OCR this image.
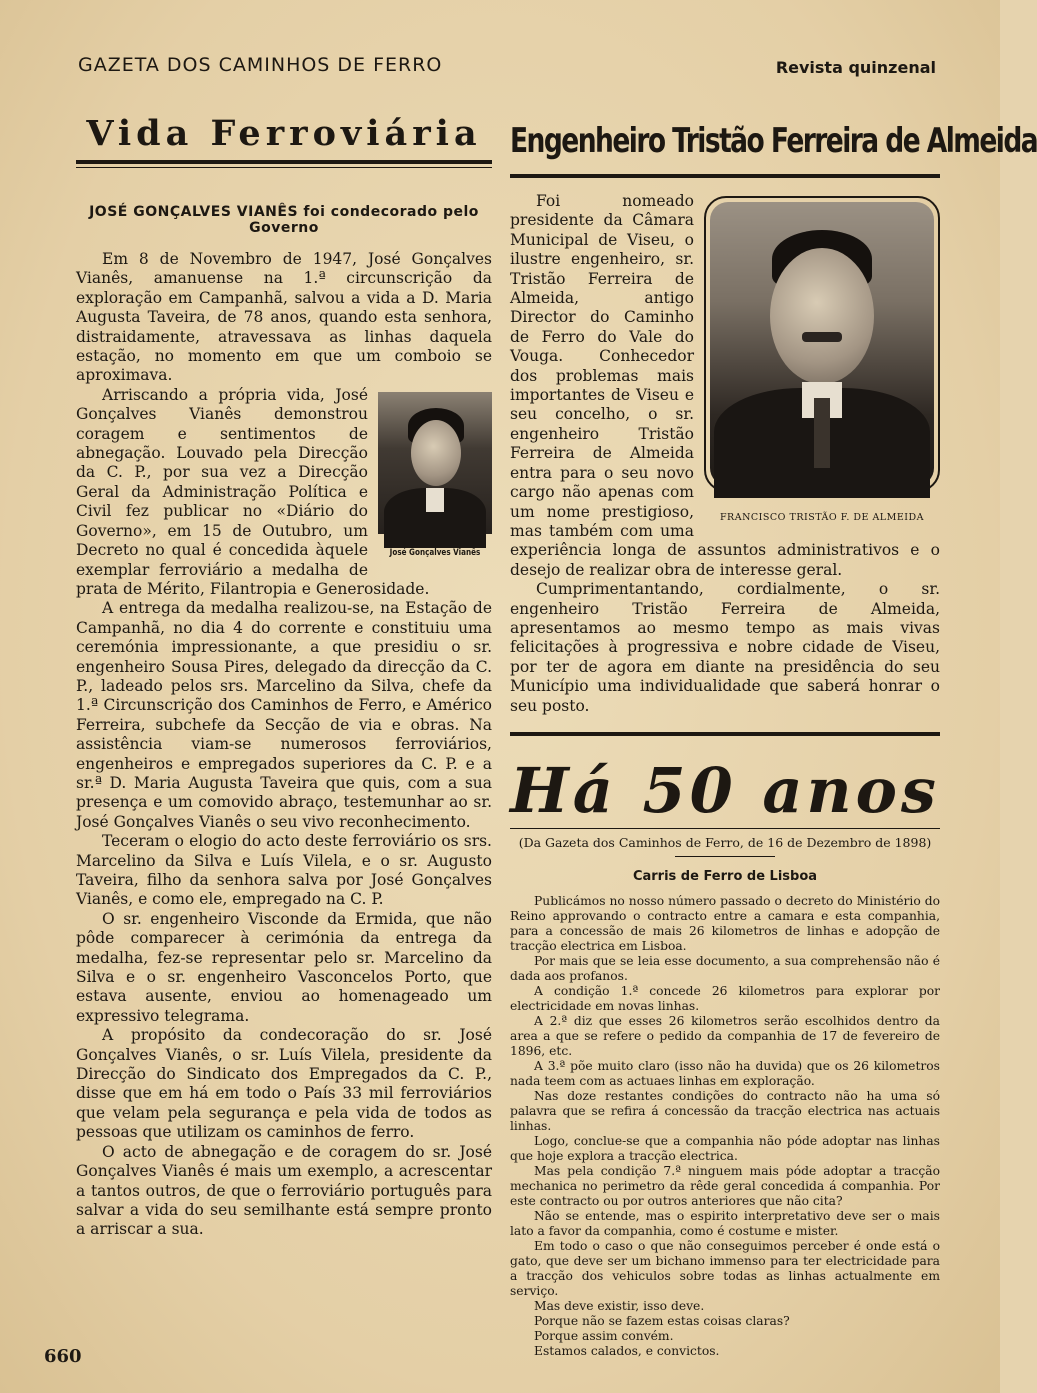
GAZETA DOS CAMINHOS DE FERRO	Revista quinzenal
Vida Ferroviária
JOSÉ GONÇALVES VIANÊS foi condecorado pelo Governo

Em 8 de Novembro de 1947, José Gonçalves Vianês, amanuense na 1.ª circunscrição da exploração em Campanhã, salvou a vida a D. Maria Augusta Taveira, de 78 anos, quando esta senhora, distraidamente, atravessava as linhas daquela estação, no momento em que um comboio se aproximava.

José Gonçalves Vianês

Arriscando a própria vida, José Gonçalves Vianês demonstrou coragem e sentimentos de abnegação. Louvado pela Direcção da C. P., por sua vez a Direcção Geral da Administração Política e Civil fez publicar no «Diário do Governo», em 15 de Outubro, um Decreto no qual é concedida àquele exemplar ferroviário a medalha de prata de Mérito, Filantropia e Generosidade.

A entrega da medalha realizou-se, na Estação de Campanhã, no dia 4 do corrente e constituiu uma ceremónia impressionante, a que presidiu o sr. engenheiro Sousa Pires, delegado da direcção da C. P., ladeado pelos srs. Marcelino da Silva, chefe da 1.ª Circunscrição dos Caminhos de Ferro, e Américo Ferreira, subchefe da Secção de via e obras. Na assistência viam-se numerosos ferroviários, engenheiros e empregados superiores da C. P. e a sr.ª D. Maria Augusta Taveira que quis, com a sua presença e um comovido abraço, testemunhar ao sr. José Gonçalves Vianês o seu vivo reconhecimento.

Teceram o elogio do acto deste ferroviário os srs. Marcelino da Silva e Luís Vilela, e o sr. Augusto Taveira, filho da senhora salva por José Gonçalves Vianês, e como ele, empregado na C. P.

O sr. engenheiro Visconde da Ermida, que não pôde comparecer à cerimónia da entrega da medalha, fez-se representar pelo sr. Marcelino da Silva e o sr. engenheiro Vasconcelos Porto, que estava ausente, enviou ao homenageado um expressivo telegrama.

A propósito da condecoração do sr. José Gonçalves Vianês, o sr. Luís Vilela, presidente da Direcção do Sindicato dos Empregados da C. P., disse que em há em todo o País 33 mil ferroviários que velam pela segurança e pela vida de todos as pessoas que utilizam os caminhos de ferro.

O acto de abnegação e de coragem do sr. José Gonçalves Vianês é mais um exemplo, a acrescentar a tantos outros, de que o ferroviário português para salvar a vida do seu semilhante está sempre pronto a arriscar a sua.

Engenheiro Tristão Ferreira de Almeida
FRANCISCO TRISTÃO F. DE ALMEIDA

Foi nomeado presidente da Câmara Municipal de Viseu, o ilustre engenheiro, sr. Tristão Ferreira de Almeida, antigo Director do Caminho de Ferro do Vale do Vouga. Conhecedor dos problemas mais importantes de Viseu e seu concelho, o sr. engenheiro Tristão Ferreira de Almeida entra para o seu novo cargo não apenas com um nome prestigioso, mas também com uma experiência longa de assuntos administrativos e o desejo de realizar obra de interesse geral.

Cumprimentantando, cordialmente, o sr. engenheiro Tristão Ferreira de Almeida, apresentamos ao mesmo tempo as mais vivas felicitações à progressiva e nobre cidade de Viseu, por ter de agora em diante na presidência do seu Município uma individualidade que saberá honrar o seu posto.

Há 50 anos
(Da Gazeta dos Caminhos de Ferro, de 16 de Dezembro de 1898)
Carris de Ferro de Lisboa

Publicámos no nosso número passado o decreto do Ministério do Reino approvando o contracto entre a camara e esta companhia, para a concessão de mais 26 kilometros de linhas e adopção de tracção electrica em Lisboa.

Por mais que se leia esse documento, a sua comprehensão não é dada aos profanos.

A condição 1.ª concede 26 kilometros para explorar por electricidade em novas linhas.

A 2.ª diz que esses 26 kilometros serão escolhidos dentro da area a que se refere o pedido da companhia de 17 de fevereiro de 1896, etc.

A 3.ª põe muito claro (isso não ha duvida) que os 26 kilometros nada teem com as actuaes linhas em exploração.

Nas doze restantes condições do contracto não ha uma só palavra que se refira á concessão da tracção electrica nas actuais linhas.

Logo, conclue-se que a companhia não póde adoptar nas linhas que hoje explora a tracção electrica.

Mas pela condição 7.ª ninguem mais póde adoptar a tracção mechanica no perimetro da rêde geral concedida á companhia. Por este contracto ou por outros anteriores que não cita?

Não se entende, mas o espirito interpretativo deve ser o mais lato a favor da companhia, como é costume e mister.

Em todo o caso o que não conseguimos perceber é onde está o gato, que deve ser um bichano immenso para ter electricidade para a tracção dos vehiculos sobre todas as linhas actualmente em serviço.

Mas deve existir, isso deve.

Porque não se fazem estas coisas claras?

Porque assim convém.

Estamos calados, e convictos.

660
